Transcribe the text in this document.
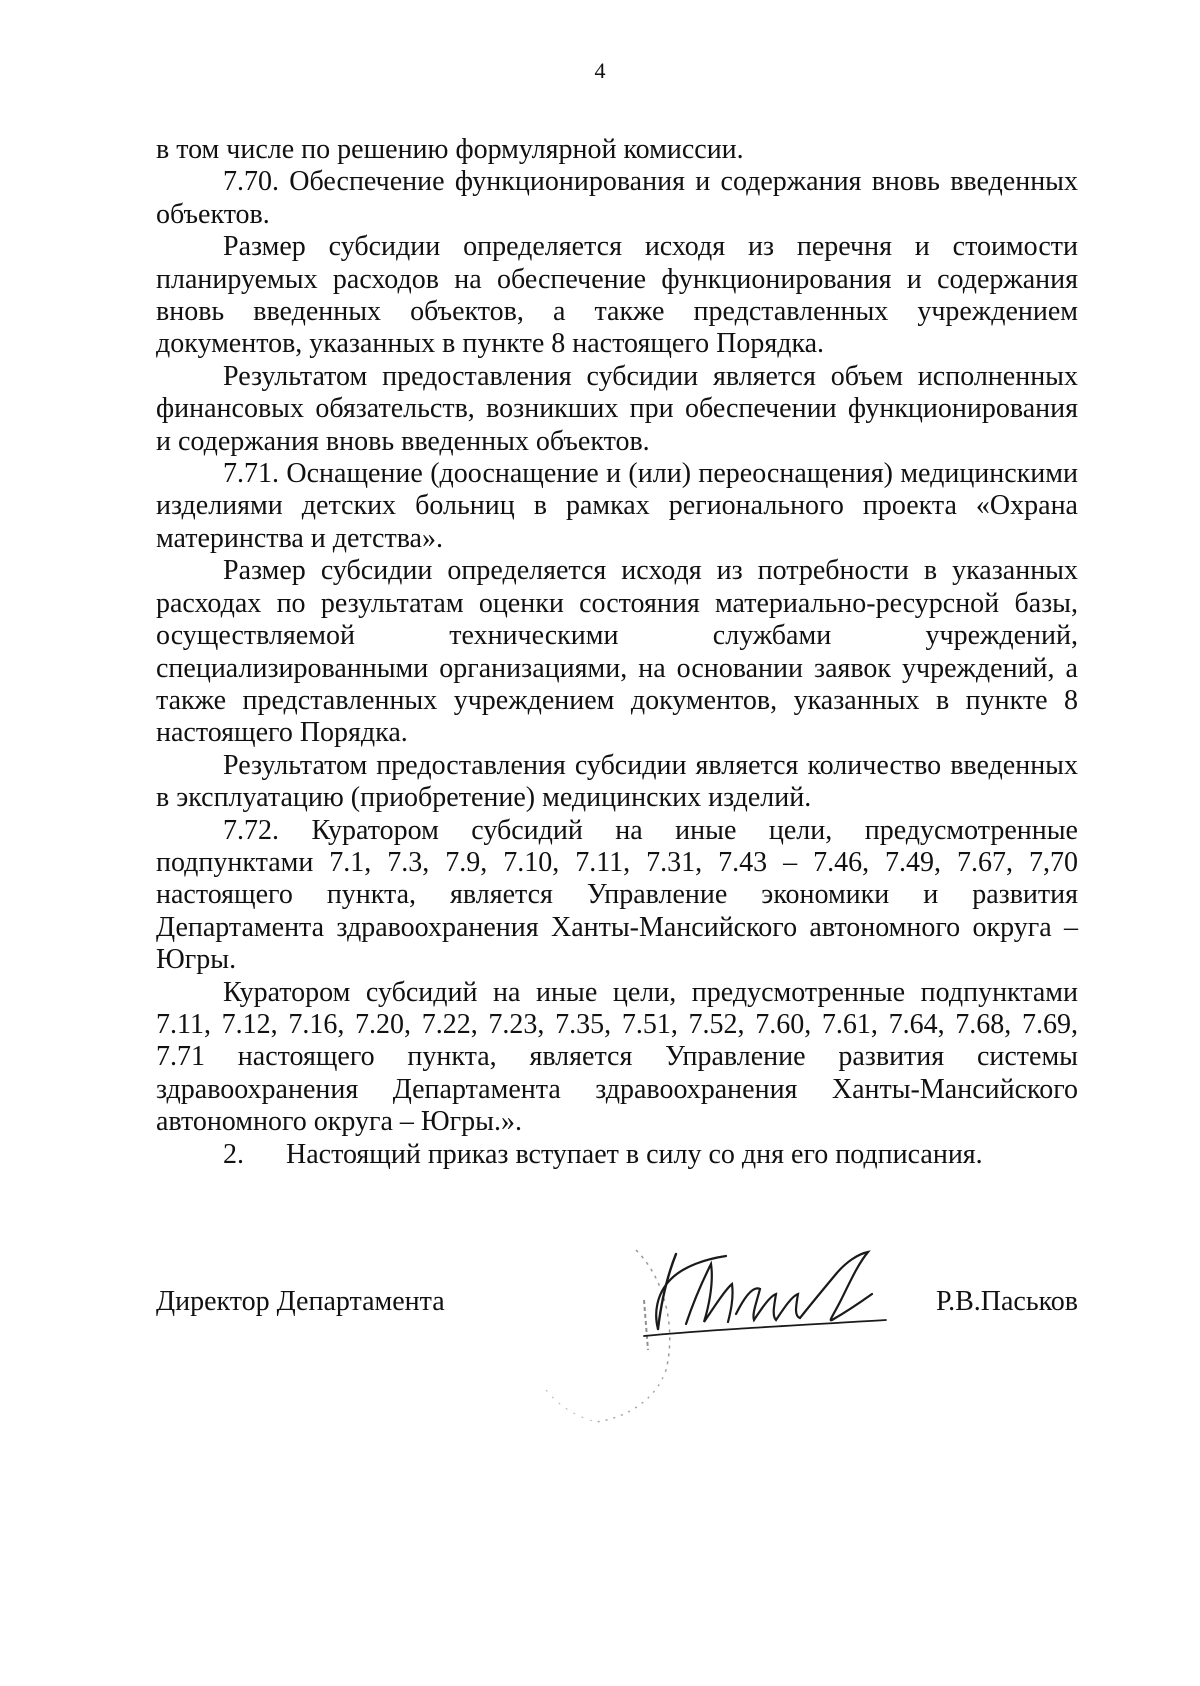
4

в том числе по решению формулярной комиссии.

7.70. Обеспечение функционирования и содержания вновь введенных объектов.

Размер субсидии определяется исходя из перечня и стоимости планируемых расходов на обеспечение функционирования и содержания вновь введенных объектов, а также представленных учреждением документов, указанных в пункте 8 настоящего Порядка.

Результатом предоставления субсидии является объем исполненных финансовых обязательств, возникших при обеспечении функционирования и содержания вновь введенных объектов.

7.71. Оснащение (дооснащение и (или) переоснащения) медицинскими изделиями детских больниц в рамках регионального проекта «Охрана материнства и детства».

Размер субсидии определяется исходя из потребности в указанных расходах по результатам оценки состояния материально-ресурсной базы, осуществляемой техническими службами учреждений, специализированными организациями, на основании заявок учреждений, а также представленных учреждением документов, указанных в пункте 8 настоящего Порядка.

Результатом предоставления субсидии является количество введенных в эксплуатацию (приобретение) медицинских изделий.

7.72. Куратором субсидий на иные цели, предусмотренные подпунктами 7.1, 7.3, 7.9, 7.10, 7.11, 7.31, 7.43 – 7.46, 7.49, 7.67, 7,70 настоящего пункта, является Управление экономики и развития Департамента здравоохранения Ханты-Мансийского автономного округа – Югры.

Куратором субсидий на иные цели, предусмотренные подпунктами 7.11, 7.12, 7.16, 7.20, 7.22, 7.23, 7.35, 7.51, 7.52, 7.60, 7.61, 7.64, 7.68, 7.69, 7.71 настоящего пункта, является Управление развития системы здравоохранения Департамента здравоохранения Ханты-Мансийского автономного округа – Югры.».

2.  Настоящий приказ вступает в силу со дня его подписания.

Директор Департамента	Р.В.Паськов
